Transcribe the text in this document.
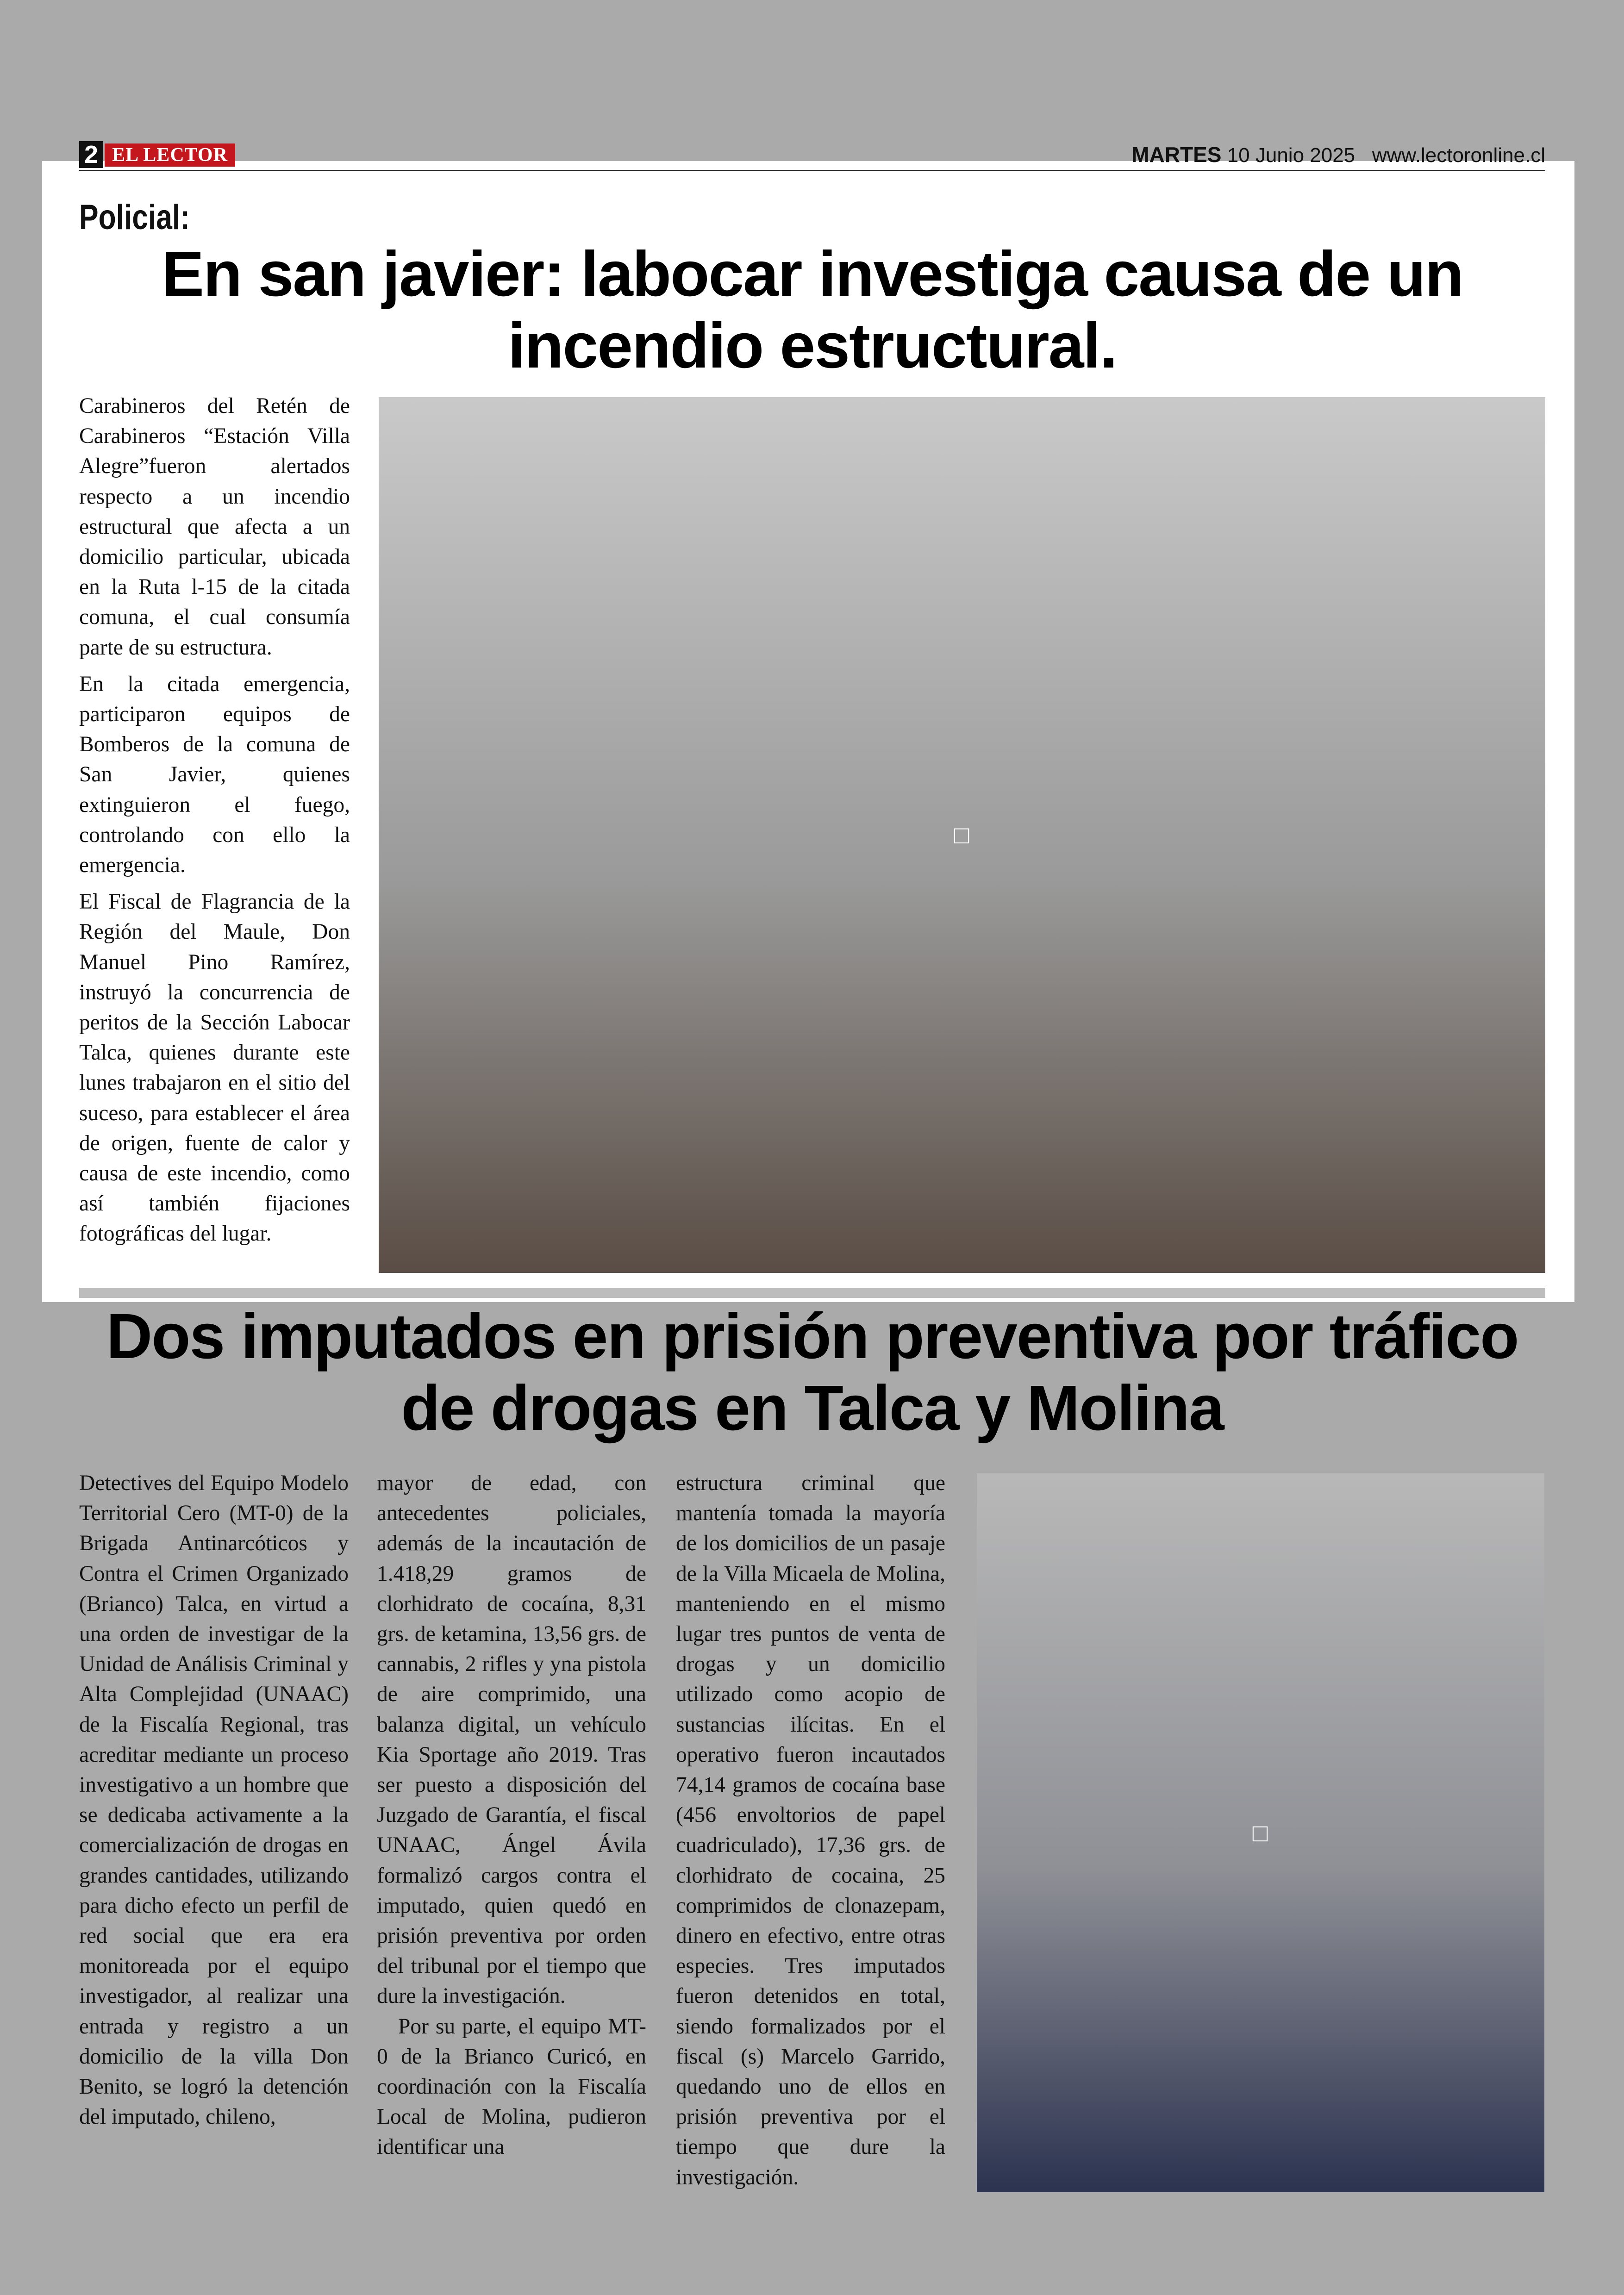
2 EL LECTOR	MARTES 10 Junio 2025 www.lectoronline.cl
Policial:
En san javier: labocar investiga causa de un
incendio estructural.

Carabineros del Retén de Carabineros “Estación Villa Alegre”fueron alertados respecto a un incendio estructural que afecta a un domicilio particular, ubicada en la Ruta l-15 de la citada comuna, el cual consumía parte de su estructura.

En la citada emergencia, participaron equipos de Bomberos de la comuna de San Javier, quienes extinguieron el fuego, controlando con ello la emergencia.

El Fiscal de Flagrancia de la Región del Maule, Don Manuel Pino Ramírez, instruyó la concurrencia de peritos de la Sección Labocar Talca, quienes durante este lunes trabajaron en el sitio del suceso, para establecer el área de origen, fuente de calor y causa de este incendio, como así también fijaciones fotográficas del lugar.

□
Dos imputados en prisión preventiva por tráfico
de drogas en Talca y Molina

Detectives del Equipo Modelo Territorial Cero (MT-0) de la Brigada Antinarcóticos y Contra el Crimen Organizado (Brianco) Talca, en virtud a una orden de investigar de la Unidad de Análisis Criminal y Alta Complejidad (UNAAC) de la Fiscalía Regional, tras acreditar mediante un proceso investigativo a un hombre que se dedicaba activamente a la comercialización de drogas en grandes cantidades, utilizando para dicho efecto un perfil de red social que era era monitoreada por el equipo investigador, al realizar una entrada y registro a un domicilio de la villa Don Benito, se logró la detención del imputado, chileno,

mayor de edad, con antecedentes policiales, además de la incautación de 1.418,29 gramos de clorhidrato de cocaína, 8,31 grs. de ketamina, 13,56 grs. de cannabis, 2 rifles y yna pistola de aire comprimido, una balanza digital, un vehículo Kia Sportage año 2019. Tras ser puesto a disposición del Juzgado de Garantía, el fiscal UNAAC, Ángel Ávila formalizó cargos contra el imputado, quien quedó en prisión preventiva por orden del tribunal por el tiempo que dure la investigación.

Por su parte, el equipo MT-0 de la Brianco Curicó, en coordinación con la Fiscalía Local de Molina, pudieron identificar una

estructura criminal que mantenía tomada la mayoría de los domicilios de un pasaje de la Villa Micaela de Molina, manteniendo en el mismo lugar tres puntos de venta de drogas y un domicilio utilizado como acopio de sustancias ilícitas. En el operativo fueron incautados 74,14 gramos de cocaína base (456 envoltorios de papel cuadriculado), 17,36 grs. de clorhidrato de cocaina, 25 comprimidos de clonazepam, dinero en efectivo, entre otras especies. Tres imputados fueron detenidos en total, siendo formalizados por el fiscal (s) Marcelo Garrido, quedando uno de ellos en prisión preventiva por el tiempo que dure la investigación.

□
